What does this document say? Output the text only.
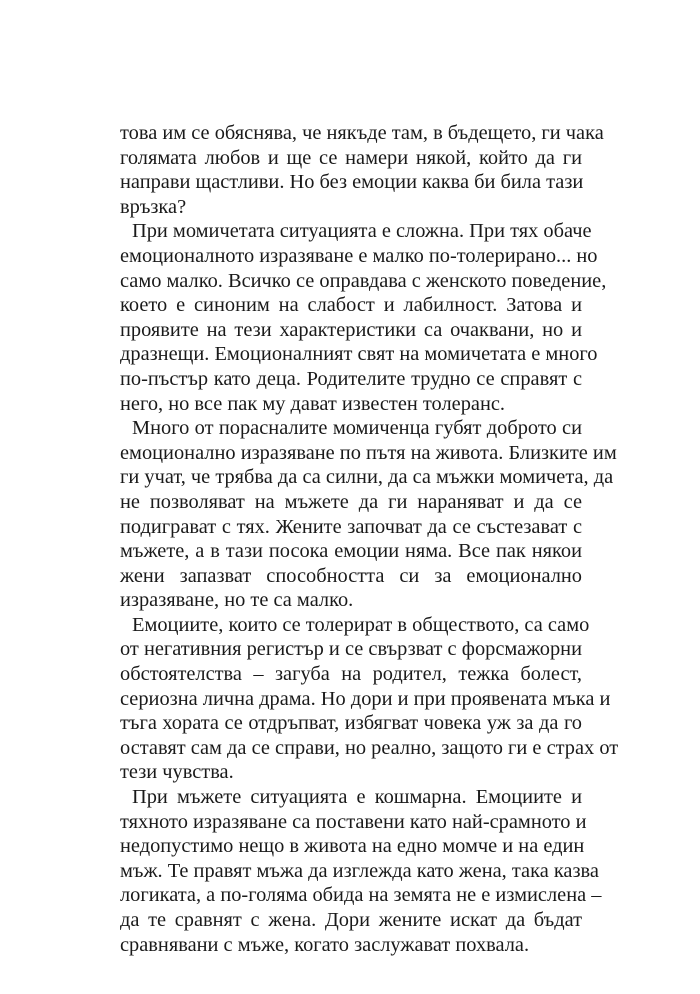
това им се обяснява, че някъде там, в бъдещето, ги чака
голямата любов и ще се намери някой, който да ги
направи щастливи. Но без емоции каква би била тази
връзка?
При момичетата ситуацията е сложна. При тях обаче
емоционалното изразяване е малко по-толерирано... но
само малко. Всичко се оправдава с женското поведение,
което е синоним на слабост и лабилност. Затова и
проявите на тези характеристики са очаквани, но и
дразнещи. Емоционалният свят на момичетата е много
по-пъстър като деца. Родителите трудно се справят с
него, но все пак му дават известен толеранс.
Много от порасналите момиченца губят доброто си
емоционално изразяване по пътя на живота. Близките им
ги учат, че трябва да са силни, да са мъжки момичета, да
не позволяват на мъжете да ги нараняват и да се
подиграват с тях. Жените започват да се състезават с
мъжете, а в тази посока емоции няма. Все пак някои
жени запазват способността си за емоционално
изразяване, но те са малко.
Емоциите, които се толерират в обществото, са само
от негативния регистър и се свързват с форсмажорни
обстоятелства – загуба на родител, тежка болест,
сериозна лична драма. Но дори и при проявената мъка и
тъга хората се отдръпват, избягват човека уж за да го
оставят сам да се справи, но реално, защото ги е страх от
тези чувства.
При мъжете ситуацията е кошмарна. Емоциите и
тяхното изразяване са поставени като най-срамното и
недопустимо нещо в живота на едно момче и на един
мъж. Те правят мъжа да изглежда като жена, така казва
логиката, а по-голяма обида на земята не е измислена –
да те сравнят с жена. Дори жените искат да бъдат
сравнявани с мъже, когато заслужават похвала.
